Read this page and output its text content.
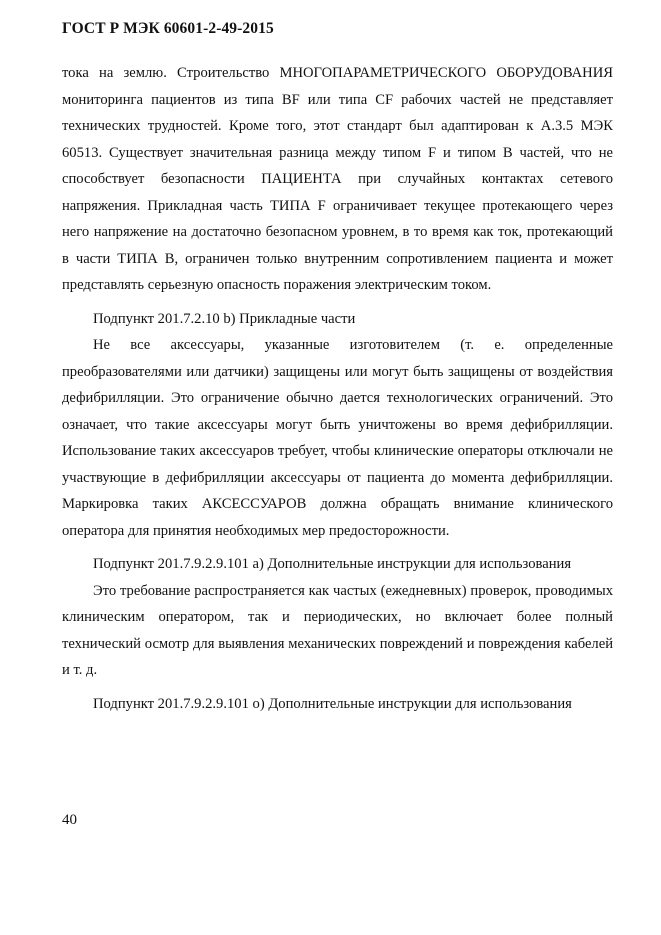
ГОСТ Р МЭК 60601-2-49-2015

тока на землю. Строительство МНОГОПАРАМЕТРИЧЕСКОГО ОБОРУДОВАНИЯ мониторинга пациентов из типа BF или типа CF рабочих частей не представляет технических трудностей. Кроме того, этот стандарт был адаптирован к А.3.5 МЭК 60513. Существует значительная разница между типом F и типом B частей, что не способствует безопасности ПАЦИЕНТА при случайных контактах сетевого напряжения. Прикладная часть ТИПА F ограничивает текущее протекающего через него напряжение на достаточно безопасном уровнем, в то время как ток, протекающий в части ТИПА B, ограничен только внутренним сопротивлением пациента и может представлять серьезную опасность поражения электрическим током.

Подпункт 201.7.2.10 b) Прикладные части

Не все аксессуары, указанные изготовителем (т. е. определенные преобразователями или датчики) защищены или могут быть защищены от воздействия дефибрилляции. Это ограничение обычно дается технологических ограничений. Это означает, что такие аксессуары могут быть уничтожены во время дефибрилляции. Использование таких аксессуаров требует, чтобы клинические операторы отключали не участвующие в дефибрилляции аксессуары от пациента до момента дефибрилляции. Маркировка таких АКСЕССУАРОВ должна обращать внимание клинического оператора для принятия необходимых мер предосторожности.

Подпункт 201.7.9.2.9.101 a) Дополнительные инструкции для использования

Это требование распространяется как частых (ежедневных) проверок, проводимых клиническим оператором, так и периодических, но включает более полный технический осмотр для выявления механических повреждений и повреждения кабелей и т. д.

Подпункт 201.7.9.2.9.101 o) Дополнительные инструкции для использования

40
